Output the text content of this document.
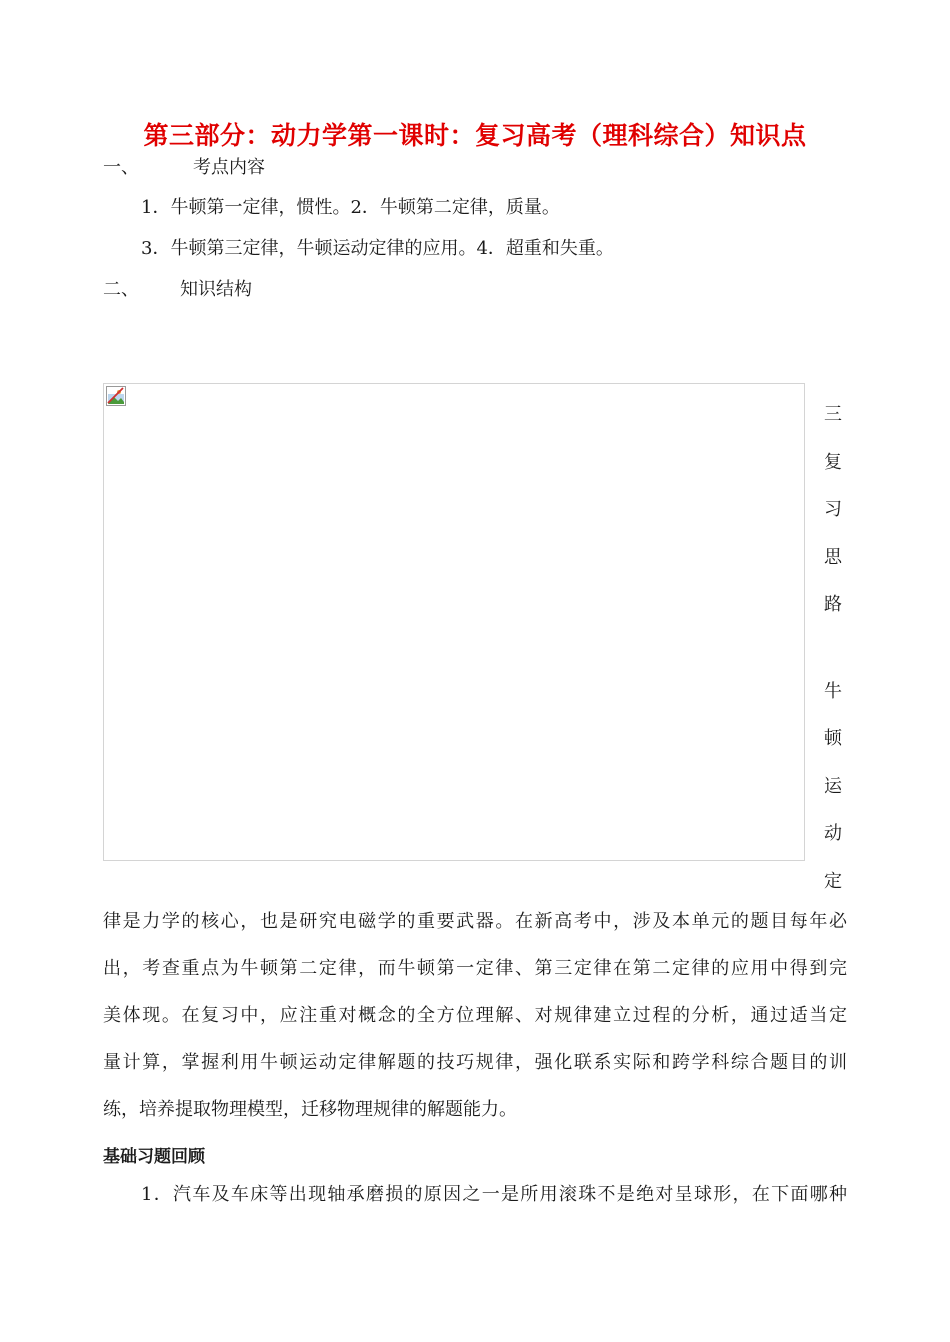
第三部分：动力学第一课时：复习高考（理科综合）知识点
一、	考点内容
1．牛顿第一定律，惯性。2．牛顿第二定律，质量。
3．牛顿第三定律，牛顿运动定律的应用。4．超重和失重。
二、 知识结构
三
复
习
思
路
牛
顿
运
动
定
律是力学的核心，也是研究电磁学的重要武器。在新高考中，涉及本单元的题目每年必
出，考查重点为牛顿第二定律，而牛顿第一定律、第三定律在第二定律的应用中得到完
美体现。在复习中，应注重对概念的全方位理解、对规律建立过程的分析，通过适当定
量计算，掌握利用牛顿运动定律解题的技巧规律，强化联系实际和跨学科综合题目的训
练，培养提取物理模型，迁移物理规律的解题能力。
基础习题回顾
1．汽车及车床等出现轴承磨损的原因之一是所用滚珠不是绝对呈球形，在下面哪种
